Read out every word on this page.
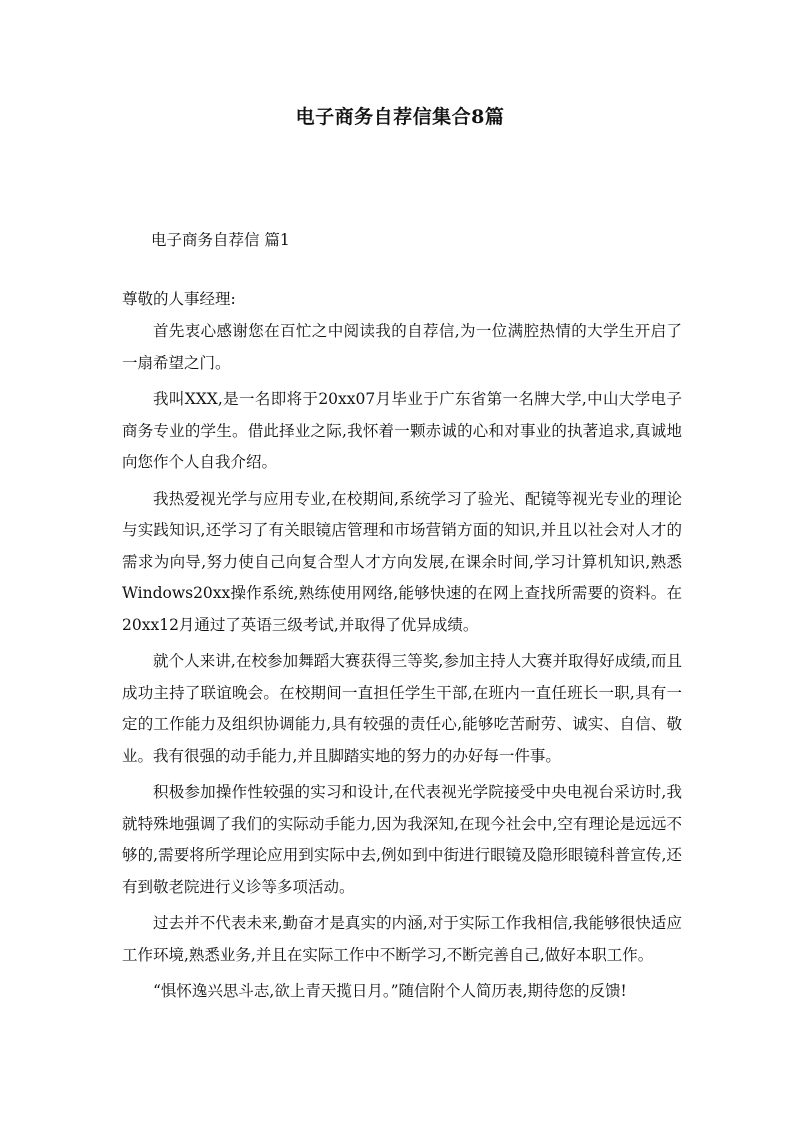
电子商务自荐信集合8篇
电子商务自荐信 篇1
尊敬的人事经理:

首先衷心感谢您在百忙之中阅读我的自荐信,为一位满腔热情的大学生开启了一扇希望之门。

我叫XXX,是一名即将于20xx07月毕业于广东省第一名牌大学,中山大学电子商务专业的学生。借此择业之际,我怀着一颗赤诚的心和对事业的执著追求,真诚地向您作个人自我介绍。

我热爱视光学与应用专业,在校期间,系统学习了验光、配镜等视光专业的理论与实践知识,还学习了有关眼镜店管理和市场营销方面的知识,并且以社会对人才的需求为向导,努力使自己向复合型人才方向发展,在课余时间,学习计算机知识,熟悉Windows20xx操作系统,熟练使用网络,能够快速的在网上查找所需要的资料。在20xx12月通过了英语三级考试,并取得了优异成绩。

就个人来讲,在校参加舞蹈大赛获得三等奖,参加主持人大赛并取得好成绩,而且成功主持了联谊晚会。在校期间一直担任学生干部,在班内一直任班长一职,具有一定的工作能力及组织协调能力,具有较强的责任心,能够吃苦耐劳、诚实、自信、敬业。我有很强的动手能力,并且脚踏实地的努力的办好每一件事。

积极参加操作性较强的实习和设计,在代表视光学院接受中央电视台采访时,我就特殊地强调了我们的实际动手能力,因为我深知,在现今社会中,空有理论是远远不够的,需要将所学理论应用到实际中去,例如到中街进行眼镜及隐形眼镜科普宣传,还有到敬老院进行义诊等多项活动。

过去并不代表未来,勤奋才是真实的内涵,对于实际工作我相信,我能够很快适应工作环境,熟悉业务,并且在实际工作中不断学习,不断完善自己,做好本职工作。

“惧怀逸兴思斗志,欲上青天揽日月。”随信附个人简历表,期待您的反馈!
